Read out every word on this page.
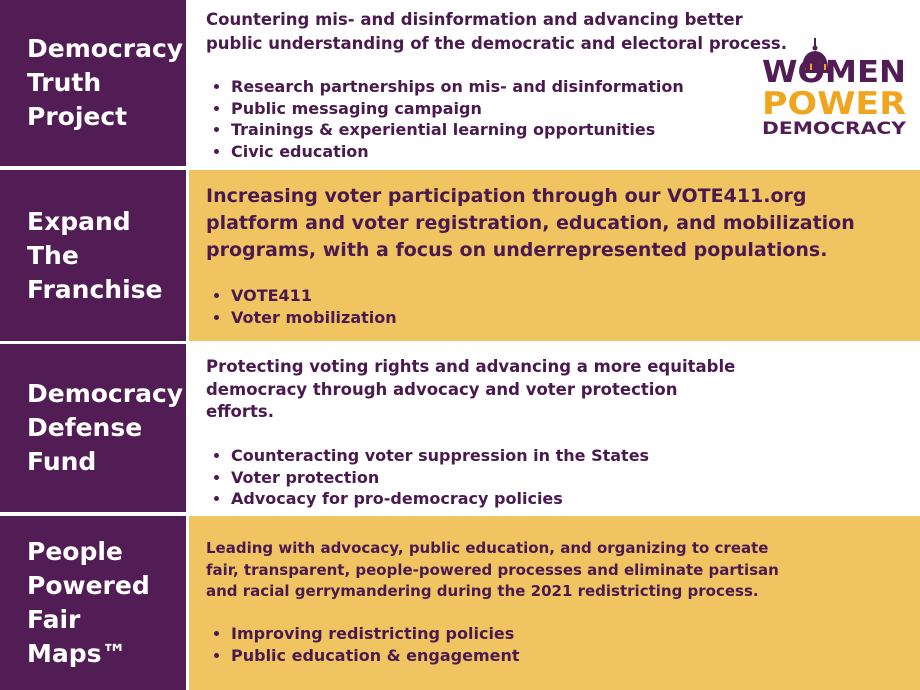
Democracy
Truth
Project

Countering mis- and disinformation and advancing better
public understanding of the democratic and electoral process.

• Research partnerships on mis- and disinformation
• Public messaging campaign
• Trainings & experiential learning opportunities
• Civic education
WOMEN
POWER
DEMOCRACY
Expand
The
Franchise

Increasing voter participation through our VOTE411.org
platform and voter registration, education, and mobilization
programs, with a focus on underrepresented populations.

• VOTE411
• Voter mobilization
Democracy
Defense
Fund

Protecting voting rights and advancing a more equitable
democracy through advocacy and voter protection
efforts.

• Counteracting voter suppression in the States
• Voter protection
• Advocacy for pro-democracy policies
People
Powered
Fair Maps™

Leading with advocacy, public education, and organizing to create
fair, transparent, people-powered processes and eliminate partisan
and racial gerrymandering during the 2021 redistricting process.

• Improving redistricting policies
• Public education & engagement
